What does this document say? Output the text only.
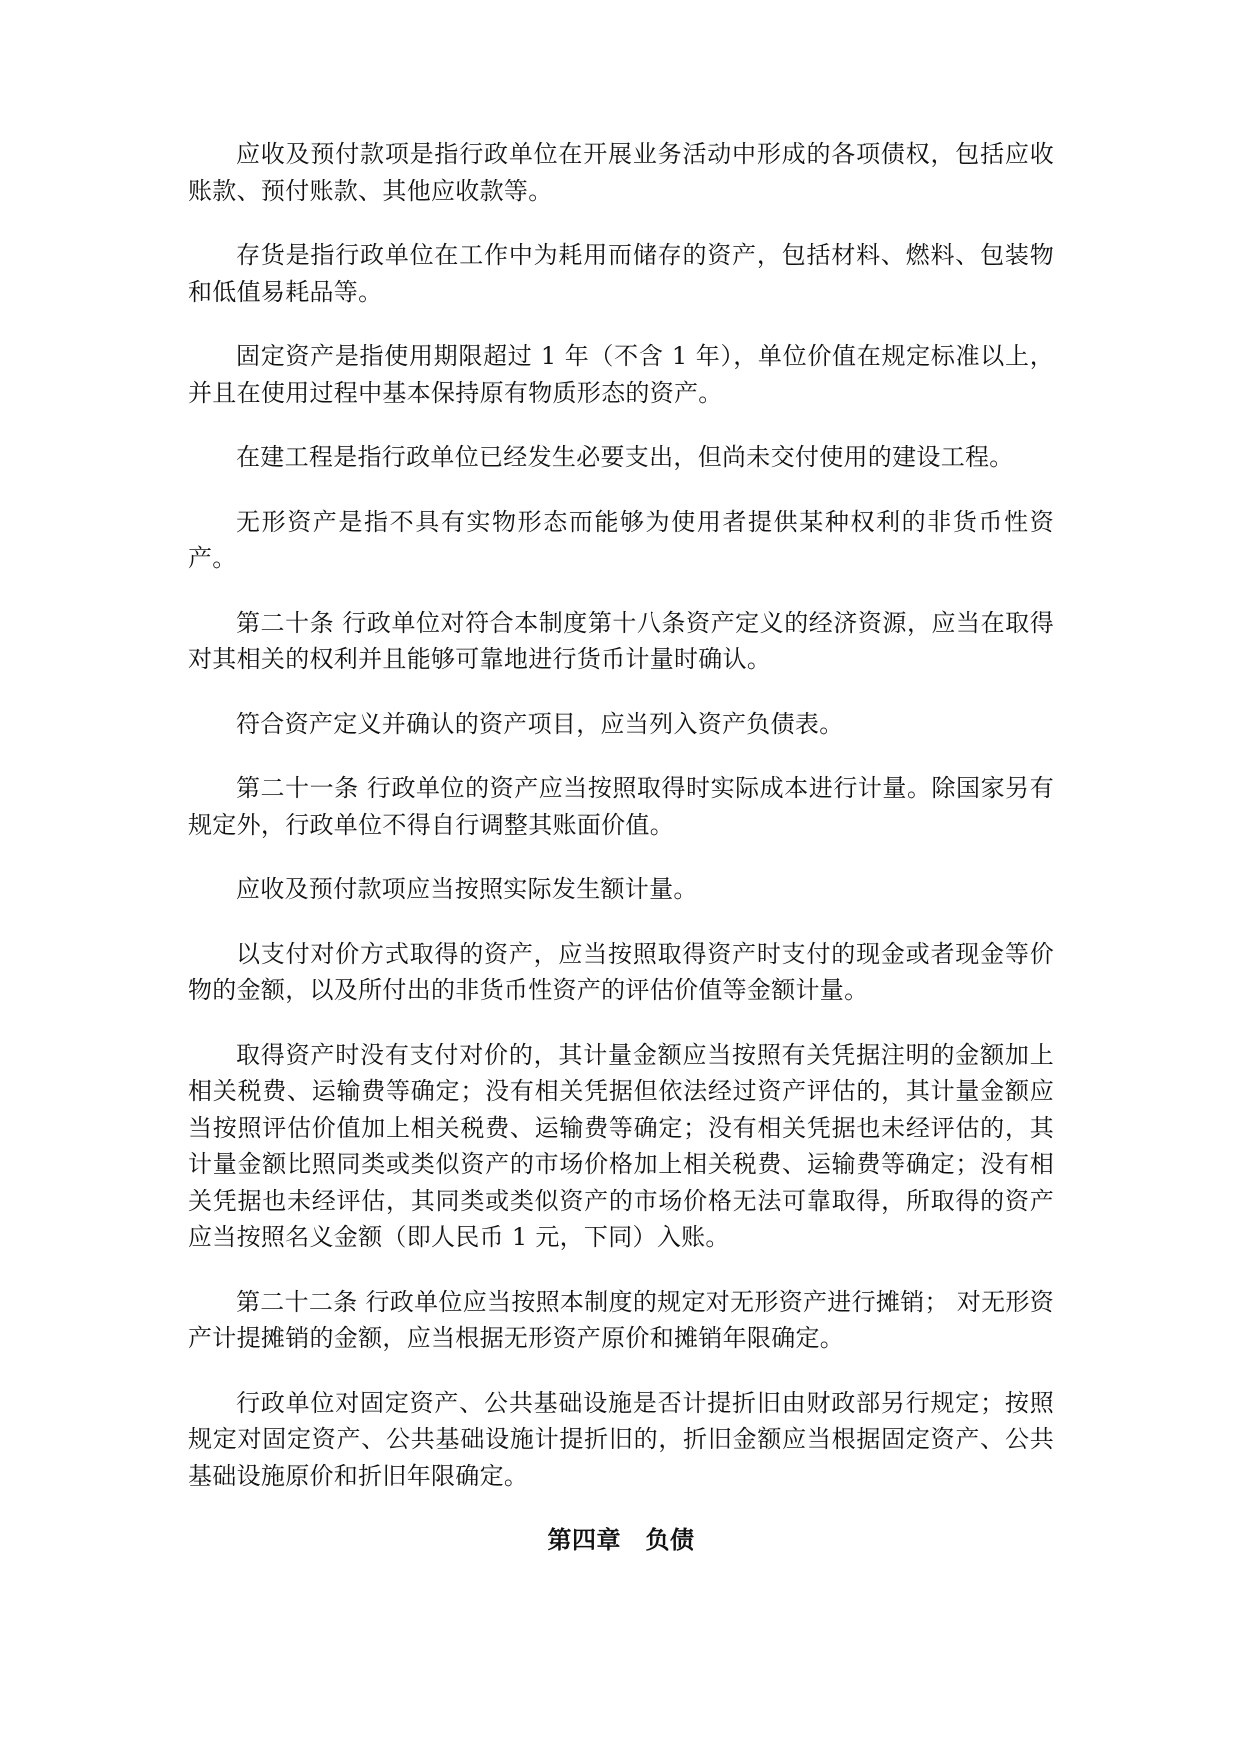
应收及预付款项是指行政单位在开展业务活动中形成的各项债权，包括应收账款、预付账款、其他应收款等。

存货是指行政单位在工作中为耗用而储存的资产，包括材料、燃料、包装物和低值易耗品等。

固定资产是指使用期限超过 1 年（不含 1 年），单位价值在规定标准以上，并且在使用过程中基本保持原有物质形态的资产。

在建工程是指行政单位已经发生必要支出，但尚未交付使用的建设工程。

无形资产是指不具有实物形态而能够为使用者提供某种权利的非货币性资产。

第二十条 行政单位对符合本制度第十八条资产定义的经济资源，应当在取得对其相关的权利并且能够可靠地进行货币计量时确认。

符合资产定义并确认的资产项目，应当列入资产负债表。

第二十一条 行政单位的资产应当按照取得时实际成本进行计量。除国家另有规定外，行政单位不得自行调整其账面价值。

应收及预付款项应当按照实际发生额计量。

以支付对价方式取得的资产，应当按照取得资产时支付的现金或者现金等价物的金额，以及所付出的非货币性资产的评估价值等金额计量。

取得资产时没有支付对价的，其计量金额应当按照有关凭据注明的金额加上相关税费、运输费等确定；没有相关凭据但依法经过资产评估的，其计量金额应当按照评估价值加上相关税费、运输费等确定；没有相关凭据也未经评估的，其计量金额比照同类或类似资产的市场价格加上相关税费、运输费等确定；没有相关凭据也未经评估，其同类或类似资产的市场价格无法可靠取得，所取得的资产应当按照名义金额（即人民币 1 元，下同）入账。

第二十二条 行政单位应当按照本制度的规定对无形资产进行摊销； 对无形资产计提摊销的金额，应当根据无形资产原价和摊销年限确定。

行政单位对固定资产、公共基础设施是否计提折旧由财政部另行规定；按照规定对固定资产、公共基础设施计提折旧的，折旧金额应当根据固定资产、公共基础设施原价和折旧年限确定。

第四章　负债
